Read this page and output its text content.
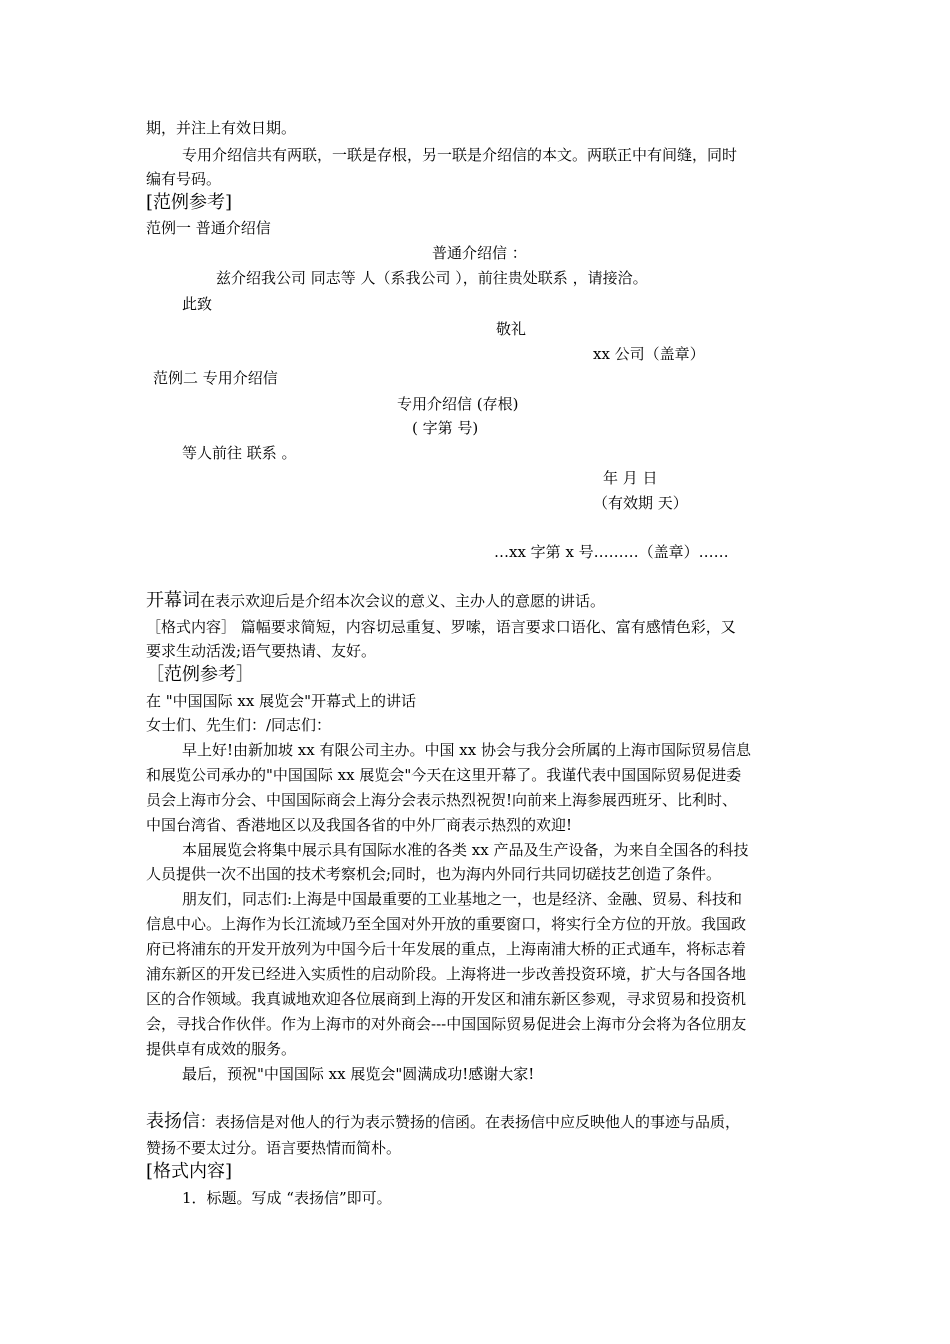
期，并注上有效日期。
专用介绍信共有两联，一联是存根，另一联是介绍信的本文。两联正中有间缝，同时
编有号码。
[范例参考]
范例一 普通介绍信
普通介绍信 ：
兹介绍我公司 同志等 人（系我公司 ），前往贵处联系 ，请接洽。
此致
敬礼
xx 公司（盖章）
范例二 专用介绍信
专用介绍信 (存根)
( 字第 号)
等人前往 联系 。
年 月 日
（有效期 天）
…xx 字第 x 号………（盖章）……
开幕词在表示欢迎后是介绍本次会议的意义、主办人的意愿的讲话。
［格式内容］ 篇幅要求简短，内容切忌重复、罗嗦，语言要求口语化、富有感情色彩，又
要求生动活泼;语气要热请、友好。
［范例参考］
在 "中国国际 xx 展览会"开幕式上的讲话
女士们、先生们：/同志们：
早上好!由新加坡 xx 有限公司主办。中国 xx 协会与我分会所属的上海市国际贸易信息
和展览公司承办的"中国国际 xx 展览会"今天在这里开幕了。我谨代表中国国际贸易促进委
员会上海市分会、中国国际商会上海分会表示热烈祝贺!向前来上海参展西班牙、比利时、
中国台湾省、香港地区以及我国各省的中外厂商表示热烈的欢迎!
本届展览会将集中展示具有国际水准的各类 xx 产品及生产设备，为来自全国各的科技
人员提供一次不出国的技术考察机会;同时，也为海内外同行共同切磋技艺创造了条件。
朋友们，同志们:上海是中国最重要的工业基地之一，也是经济、金融、贸易、科技和
信息中心。上海作为长江流域乃至全国对外开放的重要窗口，将实行全方位的开放。我国政
府已将浦东的开发开放列为中国今后十年发展的重点，上海南浦大桥的正式通车，将标志着
浦东新区的开发已经进入实质性的启动阶段。上海将进一步改善投资环境，扩大与各国各地
区的合作领域。我真诚地欢迎各位展商到上海的开发区和浦东新区参观，寻求贸易和投资机
会，寻找合作伙伴。作为上海市的对外商会---中国国际贸易促进会上海市分会将为各位朋友
提供卓有成效的服务。
最后，预祝"中国国际 xx 展览会"圆满成功!感谢大家!
表扬信：表扬信是对他人的行为表示赞扬的信函。在表扬信中应反映他人的事迹与品质，
赞扬不要太过分。语言要热情而简朴。
[格式内容]
1．标题。写成 “表扬信”即可。
